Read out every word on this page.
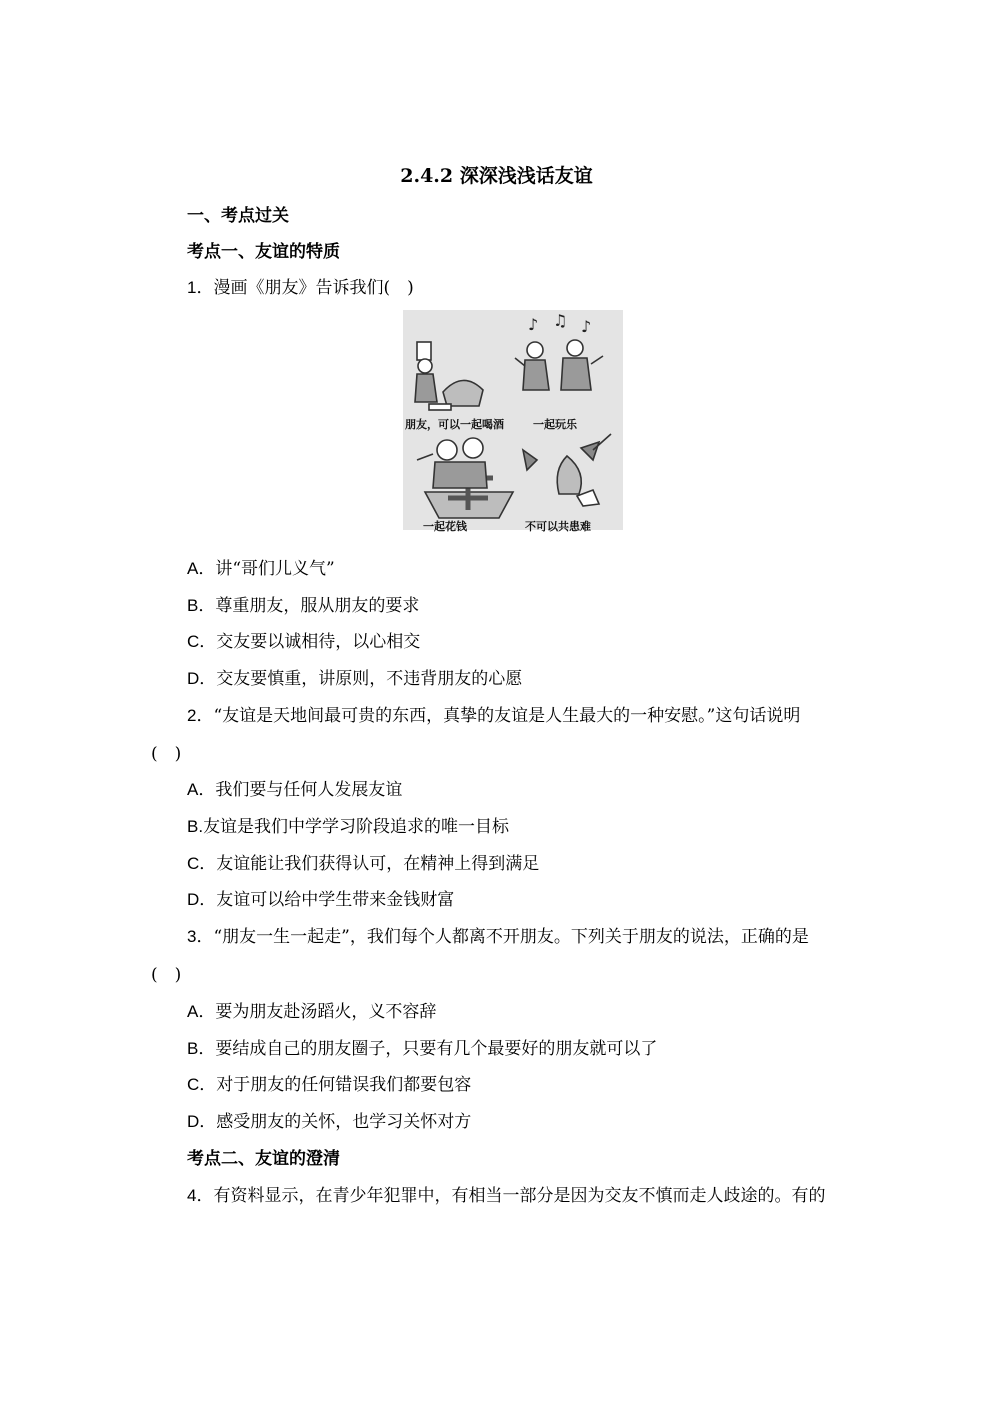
2.4.2 深深浅浅话友谊
一、考点过关
考点一、友谊的特质
1．漫画《朋友》告诉我们(　)
♪ ♫ ♪
朋友，可以一起喝酒	一起玩乐
一起花钱	不可以共患难
A．讲“哥们儿义气”
B．尊重朋友，服从朋友的要求
C．交友要以诚相待，以心相交
D．交友要慎重，讲原则，不违背朋友的心愿
2．“友谊是天地间最可贵的东西，真挚的友谊是人生最大的一种安慰。”这句话说明
(　)
A．我们要与任何人发展友谊
B.友谊是我们中学学习阶段追求的唯一目标
C．友谊能让我们获得认可，在精神上得到满足
D．友谊可以给中学生带来金钱财富
3．“朋友一生一起走”，我们每个人都离不开朋友。下列关于朋友的说法，正确的是
(　)
A．要为朋友赴汤蹈火，义不容辞
B．要结成自己的朋友圈子，只要有几个最要好的朋友就可以了
C．对于朋友的任何错误我们都要包容
D．感受朋友的关怀，也学习关怀对方
考点二、友谊的澄清
4．有资料显示，在青少年犯罪中，有相当一部分是因为交友不慎而走人歧途的。有的
